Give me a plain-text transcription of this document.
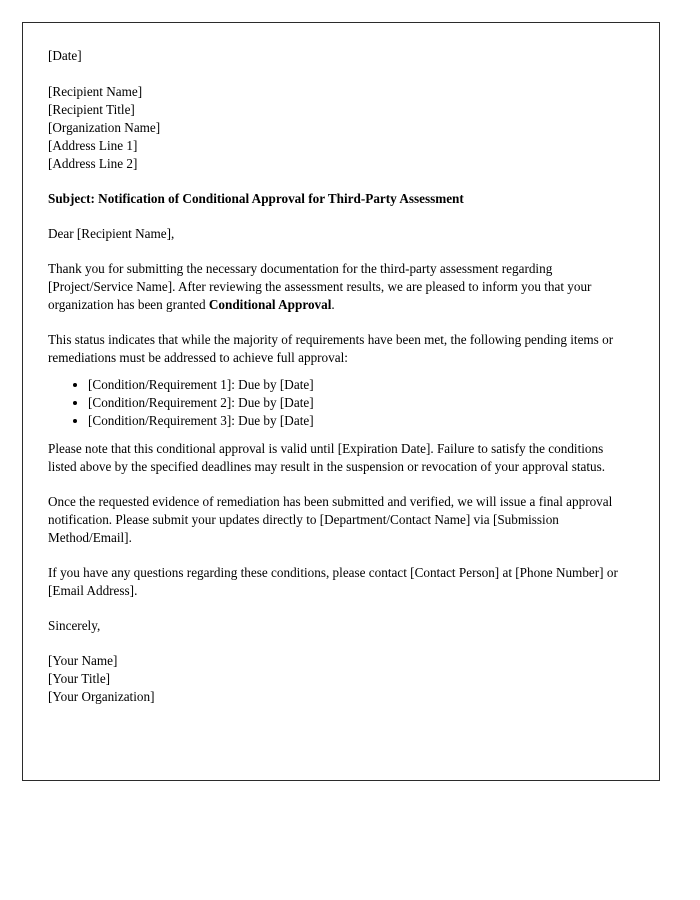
[Date]
[Recipient Name]
[Recipient Title]
[Organization Name]
[Address Line 1]
[Address Line 2]
Subject: Notification of Conditional Approval for Third-Party Assessment
Dear [Recipient Name],

Thank you for submitting the necessary documentation for the third-party assessment regarding [Project/Service Name]. After reviewing the assessment results, we are pleased to inform you that your organization has been granted Conditional Approval.

This status indicates that while the majority of requirements have been met, the following pending items or remediations must be addressed to achieve full approval:

• [Condition/Requirement 1]: Due by [Date]
• [Condition/Requirement 2]: Due by [Date]
• [Condition/Requirement 3]: Due by [Date]

Please note that this conditional approval is valid until [Expiration Date]. Failure to satisfy the conditions listed above by the specified deadlines may result in the suspension or revocation of your approval status.

Once the requested evidence of remediation has been submitted and verified, we will issue a final approval notification. Please submit your updates directly to [Department/Contact Name] via [Submission Method/Email].

If you have any questions regarding these conditions, please contact [Contact Person] at [Phone Number] or [Email Address].

Sincerely,
[Your Name]
[Your Title]
[Your Organization]
